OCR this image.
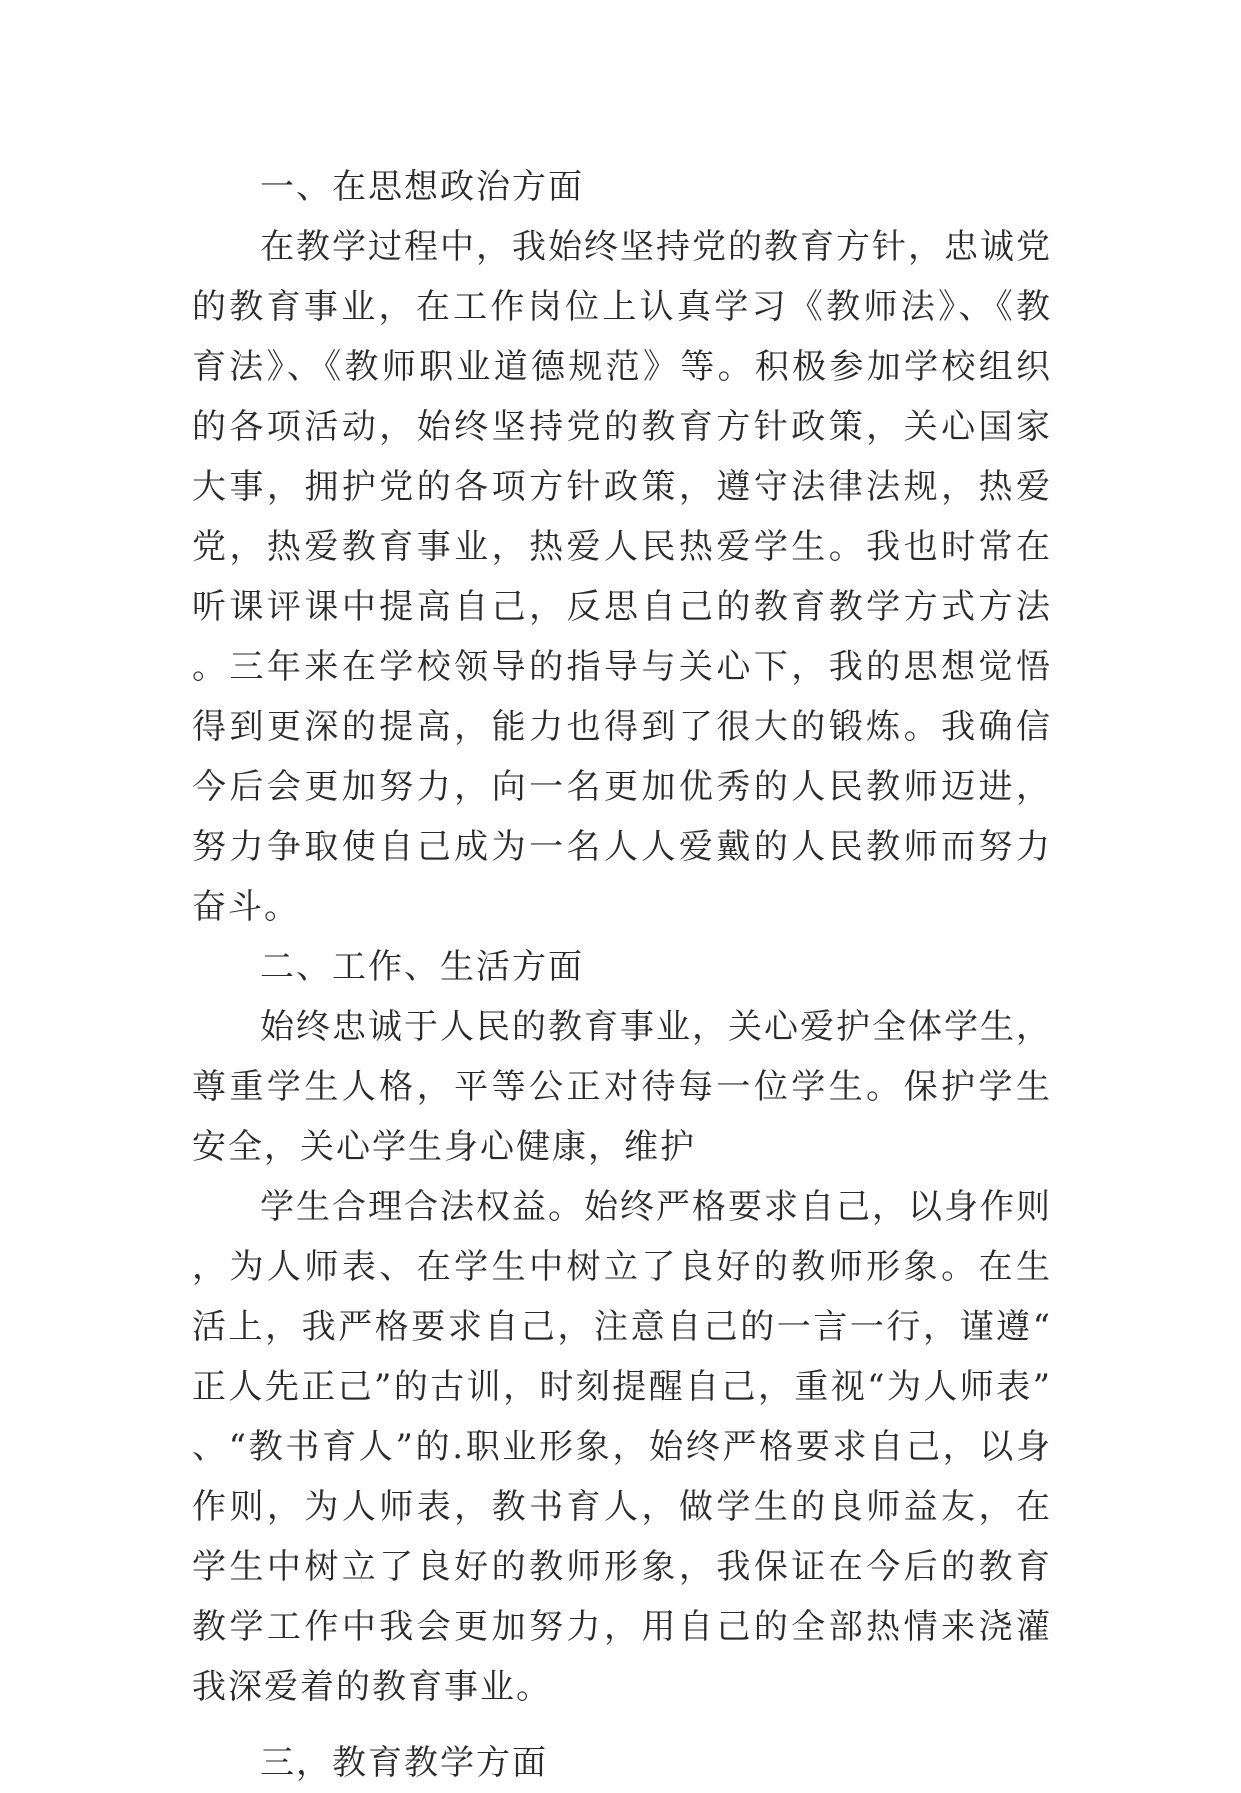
一、在思想政治方面

在教学过程中，我始终坚持党的教育方针，忠诚党的教育事业，在工作岗位上认真学习《教师法》、《教育法》、《教师职业道德规范》等。积极参加学校组织的各项活动，始终坚持党的教育方针政策，关心国家大事，拥护党的各项方针政策，遵守法律法规，热爱党，热爱教育事业，热爱人民热爱学生。我也时常在听课评课中提高自己，反思自己的教育教学方式方法。三年来在学校领导的指导与关心下，我的思想觉悟得到更深的提高，能力也得到了很大的锻炼。我确信今后会更加努力，向一名更加优秀的人民教师迈进，努力争取使自己成为一名人人爱戴的人民教师而努力奋斗。

二、工作、生活方面

始终忠诚于人民的教育事业，关心爱护全体学生，尊重学生人格，平等公正对待每一位学生。保护学生安全，关心学生身心健康，维护

学生合理合法权益。始终严格要求自己，以身作则，为人师表、在学生中树立了良好的教师形象。在生活上，我严格要求自己，注意自己的一言一行，谨遵“正人先正己”的古训，时刻提醒自己，重视“为人师表”、“教书育人”的.职业形象，始终严格要求自己，以身作则，为人师表，教书育人，做学生的良师益友，在学生中树立了良好的教师形象，我保证在今后的教育教学工作中我会更加努力，用自己的全部热情来浇灌我深爱着的教育事业。

三，教育教学方面
